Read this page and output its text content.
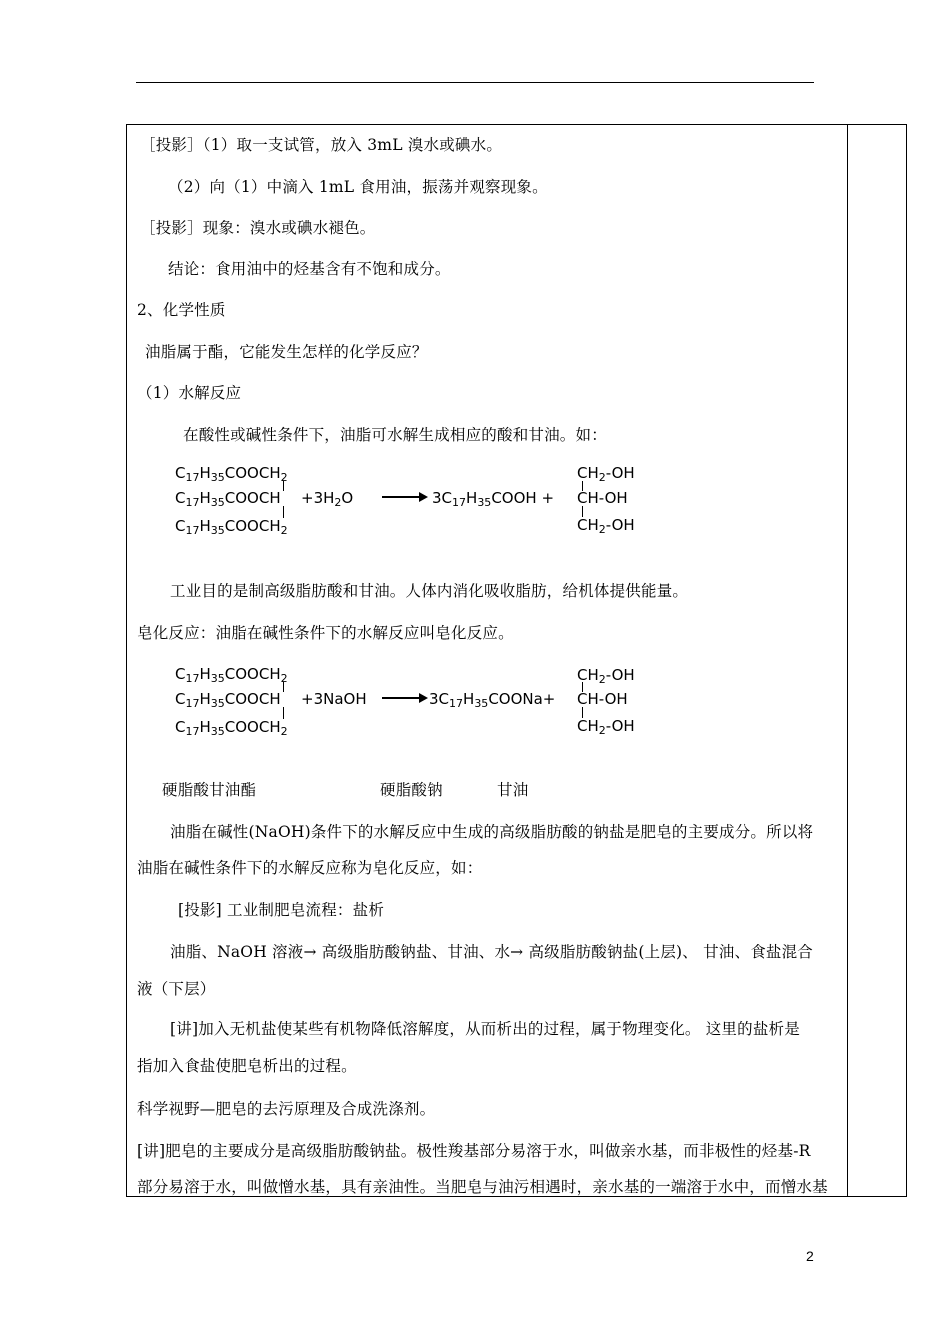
［投影］（1）取一支试管，放入 3mL 溴水或碘水。
（2）向（1）中滴入 1mL 食用油，振荡并观察现象。
［投影］现象：溴水或碘水褪色。
结论：食用油中的烃基含有不饱和成分。
2、化学性质
油脂属于酯，它能发生怎样的化学反应？
（1）水解反应
在酸性或碱性条件下，油脂可水解生成相应的酸和甘油。如：
$C_{17}H_{35}COOCH_2$
$C_{17}H_{35}COOCH +3H_2O$
$C_{17}H_{35}COOCH_2$
→ $3C_{17}H_{35}COOH$ +
$CH_2-OH$
CH-OH
$CH_2-OH$
工业目的是制高级脂肪酸和甘油。人体内消化吸收脂肪，给机体提供能量。
皂化反应：油脂在碱性条件下的水解反应叫皂化反应。
$C_{17}H_{35}COOCH_2$
$C_{17}H_{35}COOCH$ +3NaOH
$C_{17}H_{35}COOCH_2$
→ $3C_{17}H_{35}COONa+$
$CH_2-OH$
CH-OH
$CH_2-OH$
硬脂酸甘油酯	硬脂酸钠	甘油
油脂在碱性(NaOH)条件下的水解反应中生成的高级脂肪酸的钠盐是肥皂的主要成分。所以将
油脂在碱性条件下的水解反应称为皂化反应，如：
[投影] 工业制肥皂流程：盐析
油脂、NaOH 溶液→ 高级脂肪酸钠盐、甘油、水→ 高级脂肪酸钠盐(上层)、 甘油、食盐混合
液（下层）
[讲]加入无机盐使某些有机物降低溶解度，从而析出的过程，属于物理变化。 这里的盐析是
指加入食盐使肥皂析出的过程。
科学视野—肥皂的去污原理及合成洗涤剂。
[讲]肥皂的主要成分是高级脂肪酸钠盐。极性羧基部分易溶于水，叫做亲水基，而非极性的烃基-R
部分易溶于水，叫做憎水基，具有亲油性。当肥皂与油污相遇时，亲水基的一端溶于水中，而憎水基
2
